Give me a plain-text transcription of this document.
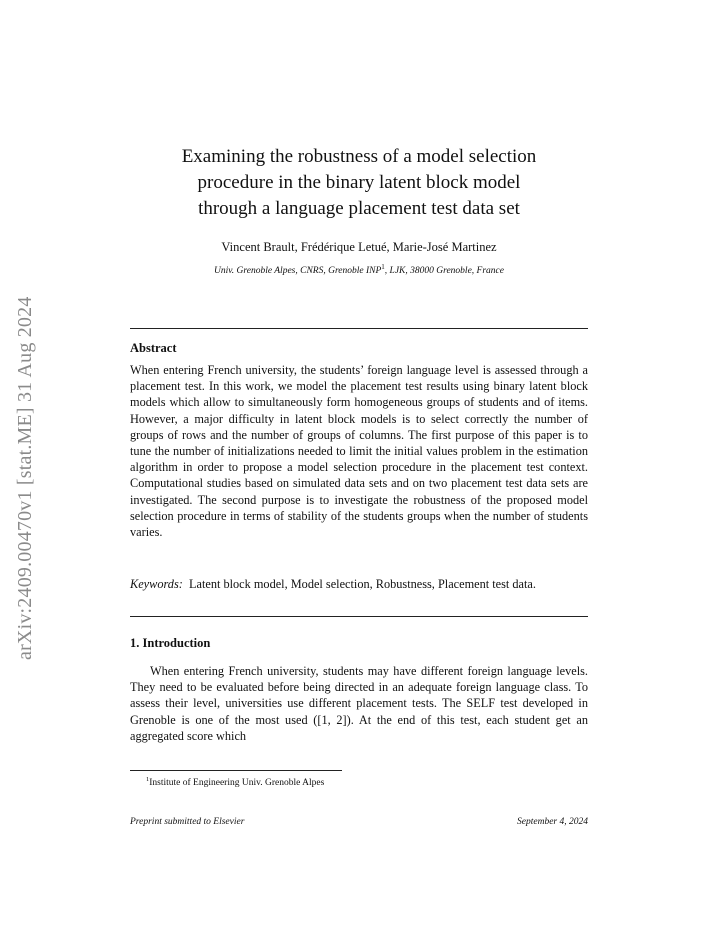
arXiv:2409.00470v1 [stat.ME] 31 Aug 2024
Examining the robustness of a model selection
procedure in the binary latent block model
through a language placement test data set
Vincent Brault, Frédérique Letué, Marie-José Martinez
Univ. Grenoble Alpes, CNRS, Grenoble INP$^1$, LJK, 38000 Grenoble, France
Abstract
When entering French university, the students’ foreign language level is assessed through a placement test. In this work, we model the placement test results using binary latent block models which allow to simultaneously form homogeneous groups of students and of items. However, a major difficulty in latent block models is to select correctly the number of groups of rows and the number of groups of columns. The first purpose of this paper is to tune the number of initializations needed to limit the initial values problem in the estimation algorithm in order to propose a model selection procedure in the placement test context. Computational studies based on simulated data sets and on two placement test data sets are investigated. The second purpose is to investigate the robustness of the proposed model selection procedure in terms of stability of the students groups when the number of students varies.
Keywords: Latent block model, Model selection, Robustness, Placement test data.
1. Introduction
When entering French university, students may have different foreign language levels. They need to be evaluated before being directed in an adequate foreign language class. To assess their level, universities use different placement tests. The SELF test developed in Grenoble is one of the most used ([1, 2]). At the end of this test, each student get an aggregated score which
$^1$Institute of Engineering Univ. Grenoble Alpes
Preprint submitted to Elsevier	September 4, 2024
